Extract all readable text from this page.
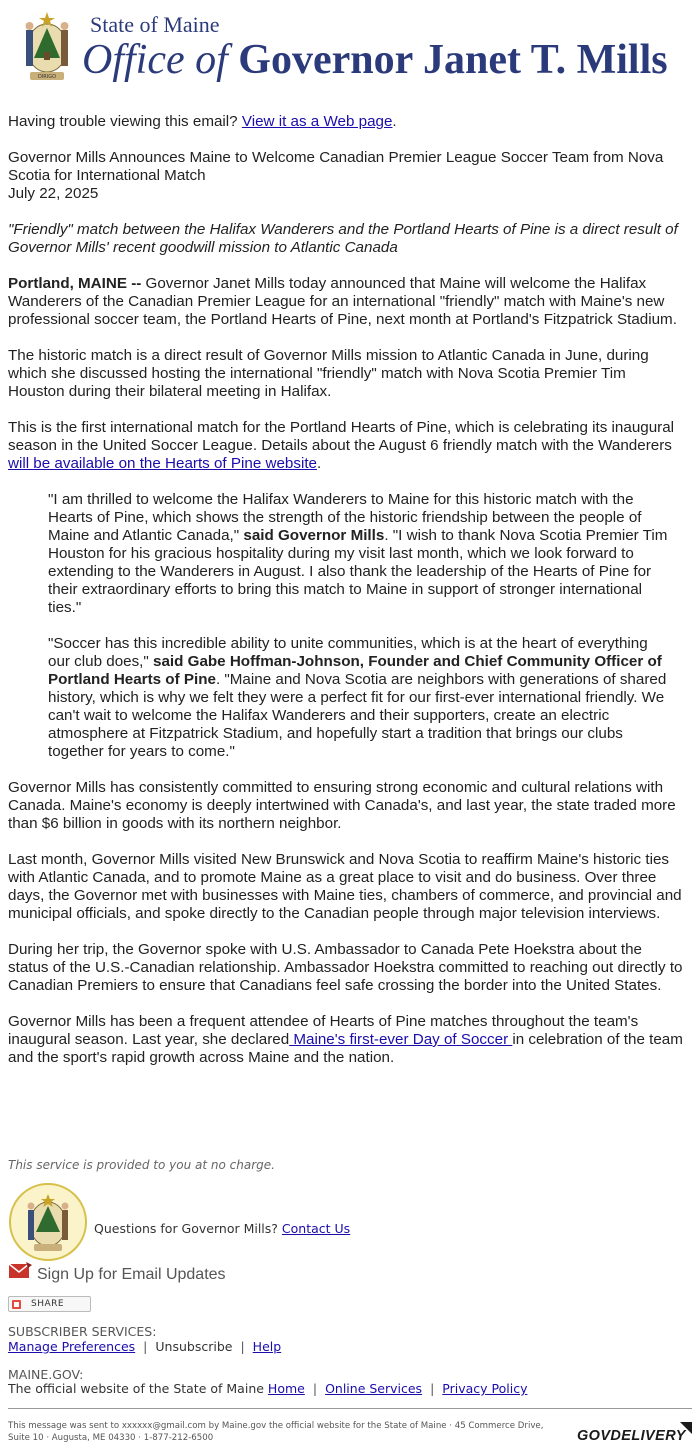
DIRIGO
State of Maine
Office of Governor Janet T. Mills

Having trouble viewing this email? View it as a Web page.

Governor Mills Announces Maine to Welcome Canadian Premier League Soccer Team from Nova Scotia for International Match
July 22, 2025

"Friendly" match between the Halifax Wanderers and the Portland Hearts of Pine is a direct result of Governor Mills' recent goodwill mission to Atlantic Canada

Portland, MAINE -- Governor Janet Mills today announced that Maine will welcome the Halifax Wanderers of the Canadian Premier League for an international "friendly" match with Maine's new professional soccer team, the Portland Hearts of Pine, next month at Portland's Fitzpatrick Stadium.

The historic match is a direct result of Governor Mills mission to Atlantic Canada in June, during which she discussed hosting the international "friendly" match with Nova Scotia Premier Tim Houston during their bilateral meeting in Halifax.

This is the first international match for the Portland Hearts of Pine, which is celebrating its inaugural season in the United Soccer League. Details about the August 6 friendly match with the Wanderers will be available on the Hearts of Pine website.

"I am thrilled to welcome the Halifax Wanderers to Maine for this historic match with the Hearts of Pine, which shows the strength of the historic friendship between the people of Maine and Atlantic Canada," said Governor Mills. "I wish to thank Nova Scotia Premier Tim Houston for his gracious hospitality during my visit last month, which we look forward to extending to the Wanderers in August. I also thank the leadership of the Hearts of Pine for their extraordinary efforts to bring this match to Maine in support of stronger international ties."

"Soccer has this incredible ability to unite communities, which is at the heart of everything our club does," said Gabe Hoffman-Johnson, Founder and Chief Community Officer of Portland Hearts of Pine. "Maine and Nova Scotia are neighbors with generations of shared history, which is why we felt they were a perfect fit for our first-ever international friendly. We can't wait to welcome the Halifax Wanderers and their supporters, create an electric atmosphere at Fitzpatrick Stadium, and hopefully start a tradition that brings our clubs together for years to come."

Governor Mills has consistently committed to ensuring strong economic and cultural relations with Canada. Maine's economy is deeply intertwined with Canada's, and last year, the state traded more than $6 billion in goods with its northern neighbor.

Last month, Governor Mills visited New Brunswick and Nova Scotia to reaffirm Maine's historic ties with Atlantic Canada, and to promote Maine as a great place to visit and do business. Over three days, the Governor met with businesses with Maine ties, chambers of commerce, and provincial and municipal officials, and spoke directly to the Canadian people through major television interviews.

During her trip, the Governor spoke with U.S. Ambassador to Canada Pete Hoekstra about the status of the U.S.-Canadian relationship. Ambassador Hoekstra committed to reaching out directly to Canadian Premiers to ensure that Canadians feel safe crossing the border into the United States.

Governor Mills has been a frequent attendee of Hearts of Pine matches throughout the team's inaugural season. Last year, she declared Maine's first-ever Day of Soccer in celebration of the team and the sport's rapid growth across Maine and the nation.

This service is provided to you at no charge.
Questions for Governor Mills? Contact Us
Sign Up for Email Updates
SHARE
SUBSCRIBER SERVICES:
Manage Preferences | Unsubscribe | Help
MAINE.GOV:
The official website of the State of Maine Home | Online Services | Privacy Policy
This message was sent to xxxxxx@gmail.com by Maine.gov the official website for the State of Maine · 45 Commerce Drive, Suite 10 · Augusta, ME 04330 · 1-877-212-6500	GOVDELIVERY
